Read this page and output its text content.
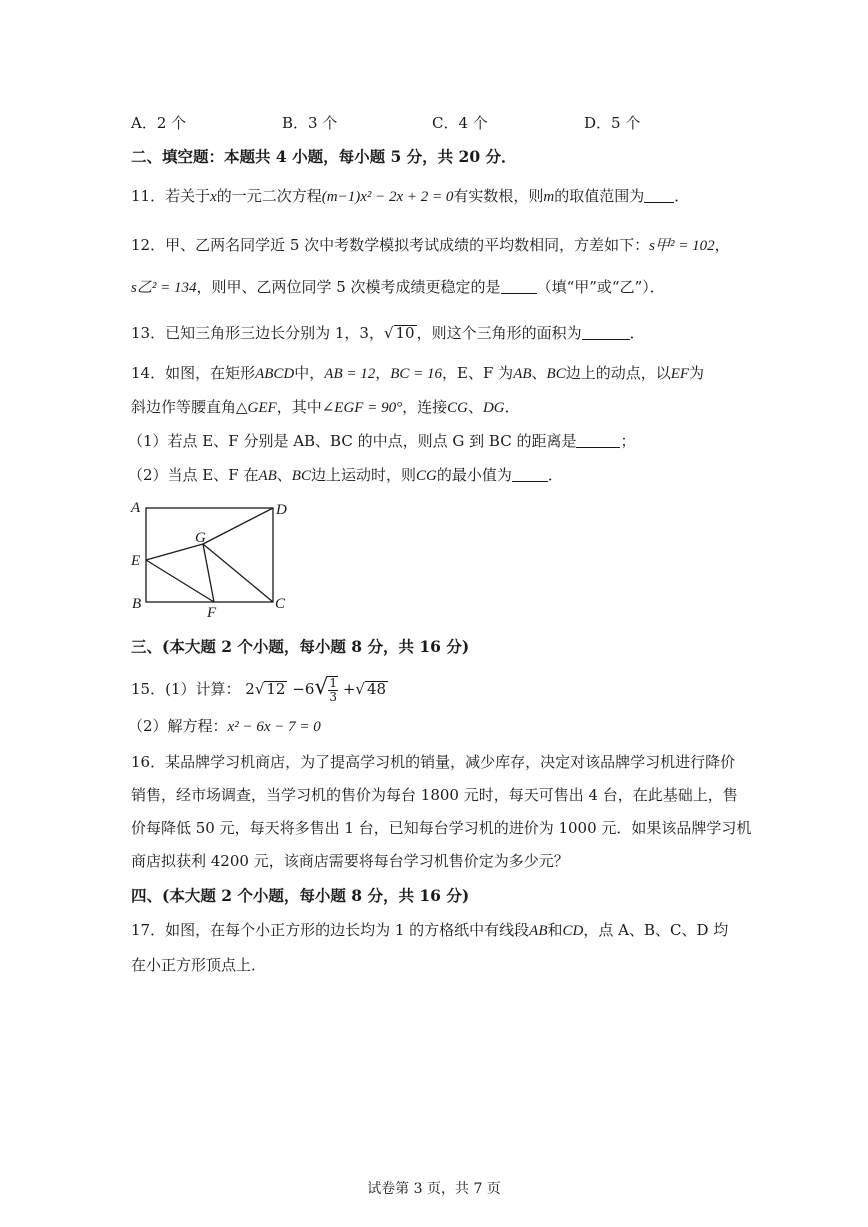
A．2 个	B．3 个	C．4 个	D．5 个
二、填空题：本题共 4 小题，每小题 5 分，共 20 分．
11．若关于x的一元二次方程(m−1)x² − 2x + 2 = 0有实数根，则m的取值范围为 ．
12．甲、乙两名同学近 5 次中考数学模拟考试成绩的平均数相同，方差如下：s甲² = 102，
s乙² = 134，则甲、乙两位同学 5 次模考成绩更稳定的是 （填“甲”或“乙”）．
13．已知三角形三边长分别为 1，3，√ 10 ，则这个三角形的面积为	．
14．如图，在矩形ABCD中，AB = 12，BC = 16，E、F 为AB、BC边上的动点，以EF为
斜边作等腰直角△GEF，其中∠EGF = 90°，连接CG、DG．
（1）若点 E、F 分别是 AB、BC 的中点，则点 G 到 BC 的距离是	；
（2）当点 E、F 在AB、BC边上运动时，则CG的最小值为 ．
A	D
G
E
B
F
C
三、(本大题 2 个小题，每小题 8 分，共 16 分)
15．(1）计算： 2√ $12 -6√ \frac{1}{3}$ +√ 48
（2）解方程：x² − 6x − 7 = 0
16．某品牌学习机商店，为了提高学习机的销量，减少库存，决定对该品牌学习机进行降价
销售，经市场调查，当学习机的售价为每台 1800 元时，每天可售出 4 台，在此基础上，售
价每降低 50 元，每天将多售出 1 台，已知每台学习机的进价为 1000 元．如果该品牌学习机
商店拟获利 4200 元，该商店需要将每台学习机售价定为多少元？
四、(本大题 2 个小题，每小题 8 分，共 16 分)
17．如图，在每个小正方形的边长均为 1 的方格纸中有线段AB和CD，点 A、B、C、D 均
在小正方形顶点上．
试卷第 3 页，共 7 页
